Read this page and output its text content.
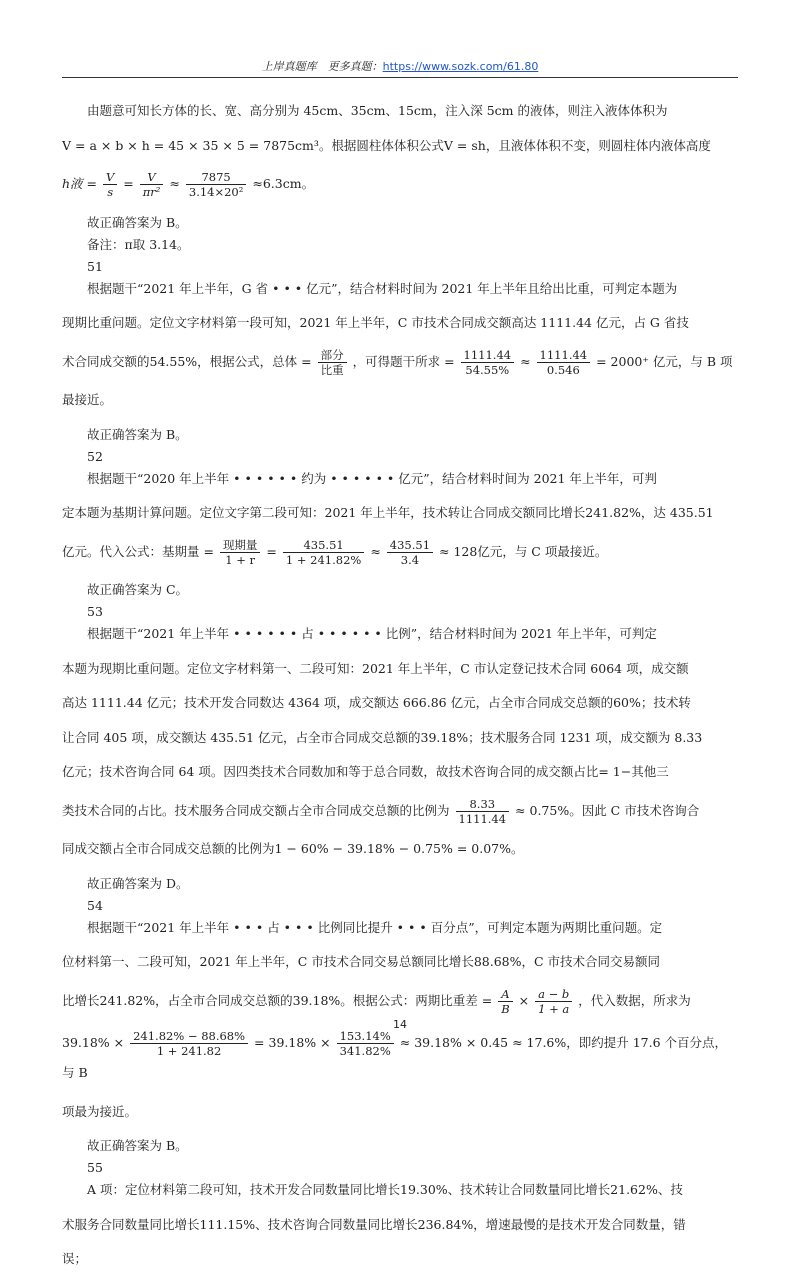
上岸真题库　更多真题：https://www.sozk.com/61.80

由题意可知长方体的长、宽、高分别为 45cm、35cm、15cm，注入深 5cm 的液体，则注入液体体积为

V = a × b × h = 45 × 35 × 5 = 7875cm³。根据圆柱体体积公式V = sh，且液体体积不变，则圆柱体内液体高度

h液 = $\frac{V}{s} = \frac{V}{\text{πr²}} \approx \frac{7875}{\text{3.14×20²}} \approx 6.3cm$。

故正确答案为 B。

备注：π取 3.14。

51

根据题干“2021 年上半年，G 省 • • • 亿元”，结合材料时间为 2021 年上半年且给出比重，可判定本题为

现期比重问题。定位文字材料第一段可知，2021 年上半年，C 市技术合同成交额高达 1111.44 亿元，占 G 省技

术合同成交额的54.55%，根据公式，总体 = $\frac{\text{部分}}{\text{比重}}$ ，可得题干所求 = $\frac{1111.44}{54.55\%} \approx \frac{1111.44}{0.546} = 2000^+$ 亿元，与 B 项

最接近。

故正确答案为 B。

52

根据题干“2020 年上半年 • • • • • • 约为 • • • • • • 亿元”，结合材料时间为 2021 年上半年，可判

定本题为基期计算问题。定位文字第二段可知：2021 年上半年，技术转让合同成交额同比增长241.82%，达 435.51

亿元。代入公式：基期量 = $\frac{\text{现期量}}{1 + r} = \frac{435.51}{1 + 241.82\%} \approx \frac{435.51}{3.4} \approx 128$亿元，与 C 项最接近。

故正确答案为 C。

53

根据题干“2021 年上半年 • • • • • • 占 • • • • • • 比例”，结合材料时间为 2021 年上半年，可判定

本题为现期比重问题。定位文字材料第一、二段可知：2021 年上半年，C 市认定登记技术合同 6064 项，成交额

高达 1111.44 亿元；技术开发合同数达 4364 项，成交额达 666.86 亿元，占全市合同成交总额的60%；技术转

让合同 405 项，成交额达 435.51 亿元，占全市合同成交总额的39.18%；技术服务合同 1231 项，成交额为 8.33

亿元；技术咨询合同 64 项。因四类技术合同数加和等于总合同数，故技术咨询合同的成交额占比= 1−其他三

类技术合同的占比。技术服务合同成交额占全市合同成交总额的比例为 $\frac{8.33}{1111.44} \approx 0.75\%$。因此 C 市技术咨询合

同成交额占全市合同成交总额的比例为1 − 60% − 39.18% − 0.75% = 0.07%。

故正确答案为 D。

54

根据题干“2021 年上半年 • • • 占 • • • 比例同比提升 • • • 百分点”，可判定本题为两期比重问题。定

位材料第一、二段可知，2021 年上半年，C 市技术合同交易总额同比增长88.68%，C 市技术合同交易额同

比增长241.82%，占全市合同成交总额的39.18%。根据公式：两期比重差 = $\frac{A}{B} \times \frac{a - b}{1 + a}$ ，代入数据，所求为

$39.18\% \times \frac{241.82\% - 88.68\%}{1 + 241.82} = 39.18\% \times \frac{153.14\%}{341.82\%} \approx 39.18\% \times 0.45 \approx 17.6\%$，即约提升 17.6 个百分点，与 B

项最为接近。

故正确答案为 B。

55

A 项：定位材料第二段可知，技术开发合同数量同比增长19.30%、技术转让合同数量同比增长21.62%、技

术服务合同数量同比增长111.15%、技术咨询合同数量同比增长236.84%，增速最慢的是技术开发合同数量，错

误；

14
